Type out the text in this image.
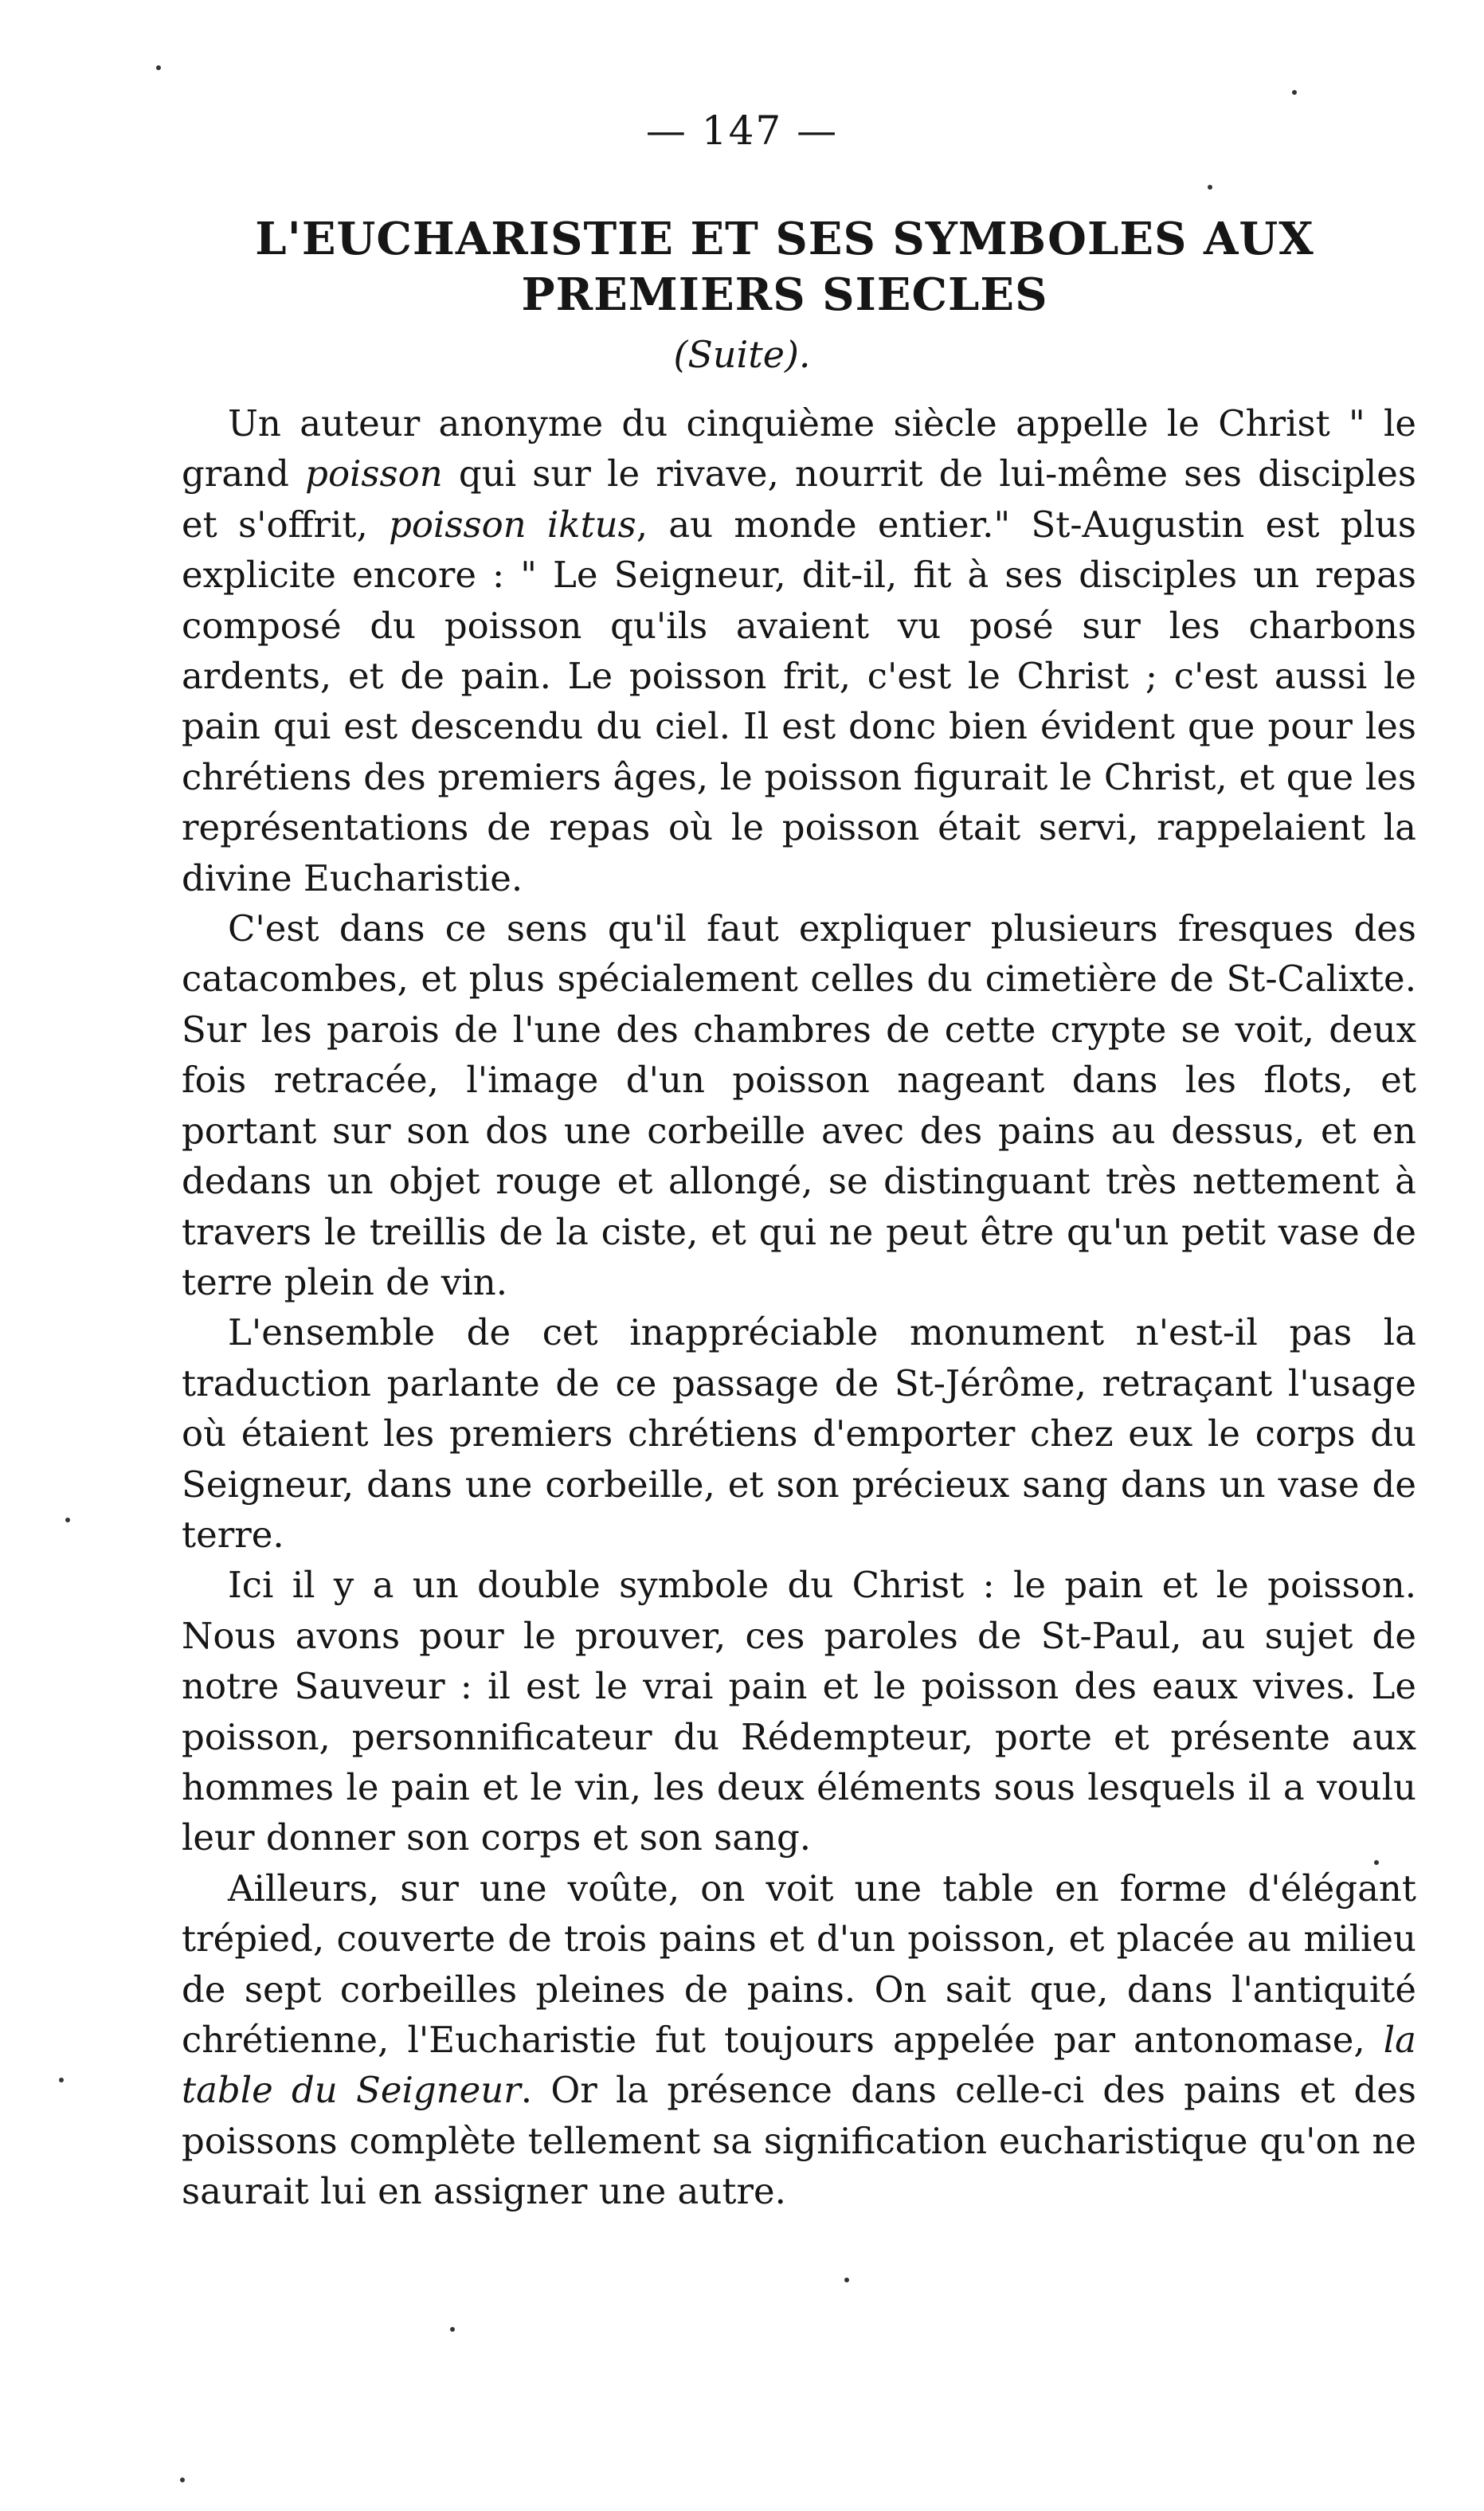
— 147 —
L'EUCHARISTIE ET SES SYMBOLES AUX PREMIERS SIECLES
(Suite).

Un auteur anonyme du cinquième siècle appelle le Christ " le grand poisson qui sur le rivave, nourrit de lui-même ses disciples et s'offrit, poisson iktus, au monde entier." St-Augustin est plus explicite encore : " Le Seigneur, dit-il, fit à ses disciples un repas composé du poisson qu'ils avaient vu posé sur les charbons ardents, et de pain. Le poisson frit, c'est le Christ ; c'est aussi le pain qui est descendu du ciel. Il est donc bien évident que pour les chrétiens des premiers âges, le poisson figurait le Christ, et que les représentations de repas où le poisson était servi, rappelaient la divine Eucharistie.

C'est dans ce sens qu'il faut expliquer plusieurs fresques des catacombes, et plus spécialement celles du cimetière de St-Calixte. Sur les parois de l'une des chambres de cette crypte se voit, deux fois retracée, l'image d'un poisson nageant dans les flots, et portant sur son dos une corbeille avec des pains au dessus, et en dedans un objet rouge et allongé, se distinguant très nettement à travers le treillis de la ciste, et qui ne peut être qu'un petit vase de terre plein de vin.

L'ensemble de cet inappréciable monument n'est-il pas la traduction parlante de ce passage de St-Jérôme, retraçant l'usage où étaient les premiers chrétiens d'emporter chez eux le corps du Seigneur, dans une corbeille, et son précieux sang dans un vase de terre.

Ici il y a un double symbole du Christ : le pain et le poisson. Nous avons pour le prouver, ces paroles de St-Paul, au sujet de notre Sauveur : il est le vrai pain et le poisson des eaux vives. Le poisson, personnificateur du Rédempteur, porte et présente aux hommes le pain et le vin, les deux éléments sous lesquels il a voulu leur donner son corps et son sang.

Ailleurs, sur une voûte, on voit une table en forme d'élégant trépied, couverte de trois pains et d'un poisson, et placée au milieu de sept corbeilles pleines de pains. On sait que, dans l'antiquité chrétienne, l'Eucharistie fut toujours appelée par antonomase, la table du Seigneur. Or la présence dans celle-ci des pains et des poissons complète tellement sa signification eucharistique qu'on ne saurait lui en assigner une autre.
